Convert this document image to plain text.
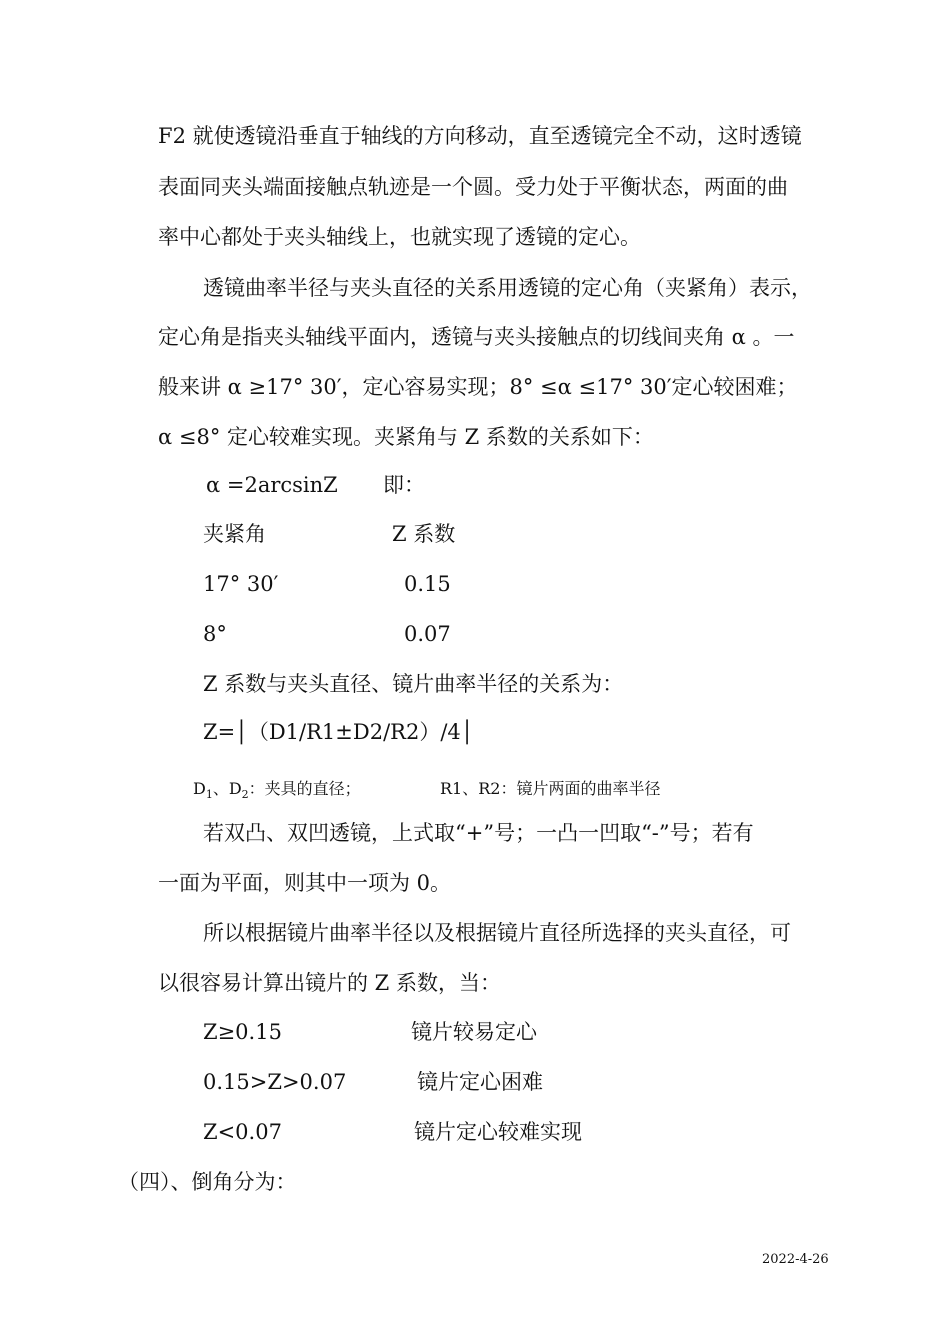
F2 就使透镜沿垂直于轴线的方向移动，直至透镜完全不动，这时透镜
表面同夹头端面接触点轨迹是一个圆。受力处于平衡状态，两面的曲
率中心都处于夹头轴线上，也就实现了透镜的定心。
透镜曲率半径与夹头直径的关系用透镜的定心角（夹紧角）表示，
定心角是指夹头轴线平面内，透镜与夹头接触点的切线间夹角 α 。一
般来讲 α ≥17° 30′，定心容易实现；8° ≤α ≤17° 30′定心较困难；
α ≤8° 定心较难实现。夹紧角与 Z 系数的关系如下：
α =2arcsinZ 即：
夹紧角	Z 系数
17° 30′	0.15
8°	0.07
Z 系数与夹头直径、镜片曲率半径的关系为：
Z=│（D1/R1±D2/R2）/4│
$D_1$、$D_2$：夹具的直径；	R1、R2：镜片两面的曲率半径
若双凸、双凹透镜，上式取“+”号；一凸一凹取“-”号；若有
一面为平面，则其中一项为 0。
所以根据镜片曲率半径以及根据镜片直径所选择的夹头直径，可
以很容易计算出镜片的 Z 系数，当：
Z≥0.15	镜片较易定心
0.15>Z>0.07	镜片定心困难
Z<0.07	镜片定心较难实现
（四）、倒角分为：
2022-4-26
